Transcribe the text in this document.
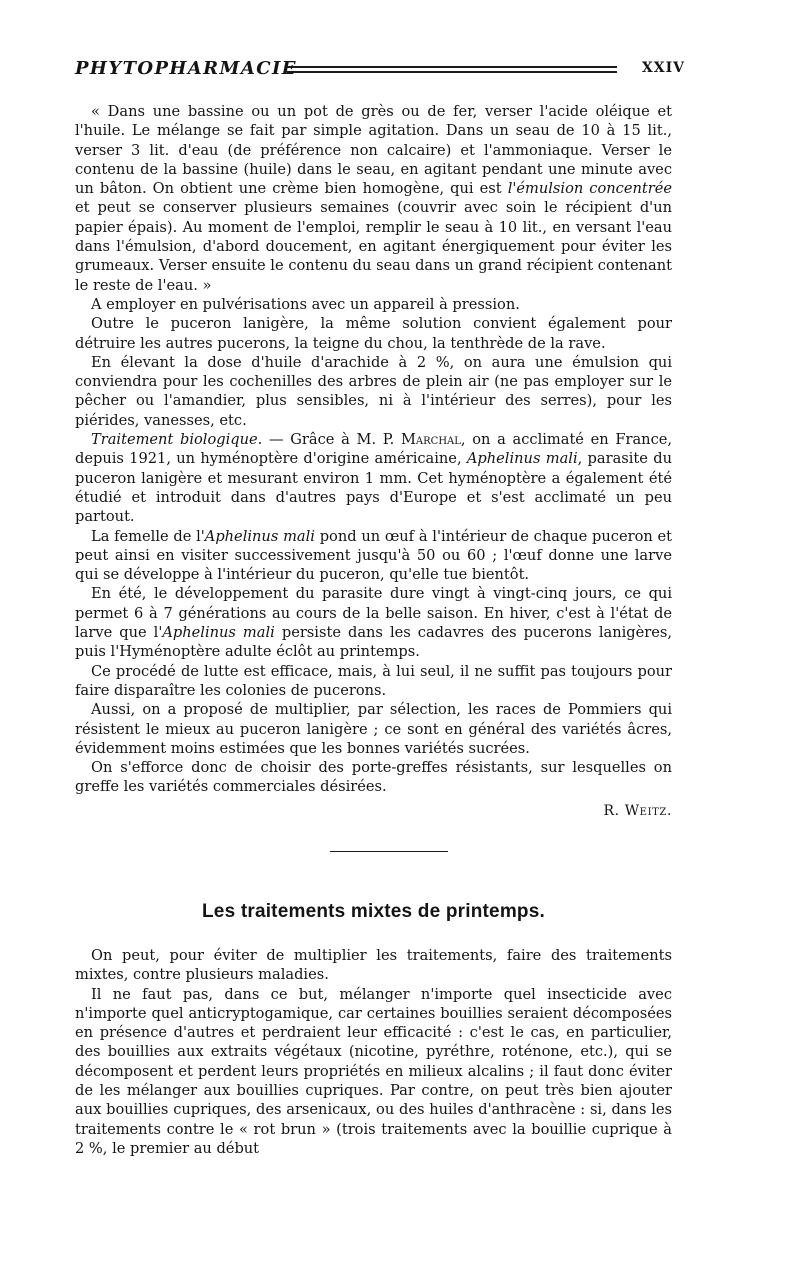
PHYTOPHARMACIE	XXIV

« Dans une bassine ou un pot de grès ou de fer, verser l'acide oléique et l'huile. Le mélange se fait par simple agitation. Dans un seau de 10 à 15 lit., verser 3 lit. d'eau (de préférence non calcaire) et l'ammoniaque. Verser le contenu de la bassine (huile) dans le seau, en agitant pendant une minute avec un bâton. On obtient une crème bien homogène, qui est l'émulsion concentrée et peut se conserver plusieurs semaines (couvrir avec soin le récipient d'un papier épais). Au moment de l'emploi, remplir le seau à 10 lit., en versant l'eau dans l'émulsion, d'abord doucement, en agitant énergiquement pour éviter les grumeaux. Verser ensuite le contenu du seau dans un grand récipient contenant le reste de l'eau. »

A employer en pulvérisations avec un appareil à pression.

Outre le puceron lanigère, la même solution convient également pour détruire les autres pucerons, la teigne du chou, la tenthrède de la rave.

En élevant la dose d'huile d'arachide à 2 %, on aura une émulsion qui conviendra pour les cochenilles des arbres de plein air (ne pas employer sur le pêcher ou l'amandier, plus sensibles, ni à l'intérieur des serres), pour les piérides, vanesses, etc.

Traitement biologique. — Grâce à M. P. Marchal, on a acclimaté en France, depuis 1921, un hyménoptère d'origine américaine, Aphelinus mali, parasite du puceron lanigère et mesurant environ 1 mm. Cet hyménoptère a également été étudié et introduit dans d'autres pays d'Europe et s'est acclimaté un peu partout.

La femelle de l'Aphelinus mali pond un œuf à l'intérieur de chaque puceron et peut ainsi en visiter successivement jusqu'à 50 ou 60 ; l'œuf donne une larve qui se développe à l'intérieur du puceron, qu'elle tue bientôt.

En été, le développement du parasite dure vingt à vingt-cinq jours, ce qui permet 6 à 7 générations au cours de la belle saison. En hiver, c'est à l'état de larve que l'Aphelinus mali persiste dans les cadavres des pucerons lanigères, puis l'Hyménoptère adulte éclôt au printemps.

Ce procédé de lutte est efficace, mais, à lui seul, il ne suffit pas toujours pour faire disparaître les colonies de pucerons.

Aussi, on a proposé de multiplier, par sélection, les races de Pommiers qui résistent le mieux au puceron lanigère ; ce sont en général des variétés âcres, évidemment moins estimées que les bonnes variétés sucrées.

On s'efforce donc de choisir des porte-greffes résistants, sur lesquelles on greffe les variétés commerciales désirées.

R. Weitz.
Les traitements mixtes de printemps.

On peut, pour éviter de multiplier les traitements, faire des traitements mixtes, contre plusieurs maladies.

Il ne faut pas, dans ce but, mélanger n'importe quel insecticide avec n'importe quel anticryptogamique, car certaines bouillies seraient décomposées en présence d'autres et perdraient leur efficacité : c'est le cas, en particulier, des bouillies aux extraits végétaux (nicotine, pyréthre, roténone, etc.), qui se décomposent et perdent leurs propriétés en milieux alcalins ; il faut donc éviter de les mélanger aux bouillies cupriques. Par contre, on peut très bien ajouter aux bouillies cupriques, des arsenicaux, ou des huiles d'anthracène : si, dans les traitements contre le « rot brun » (trois traitements avec la bouillie cuprique à 2 %, le premier au début
